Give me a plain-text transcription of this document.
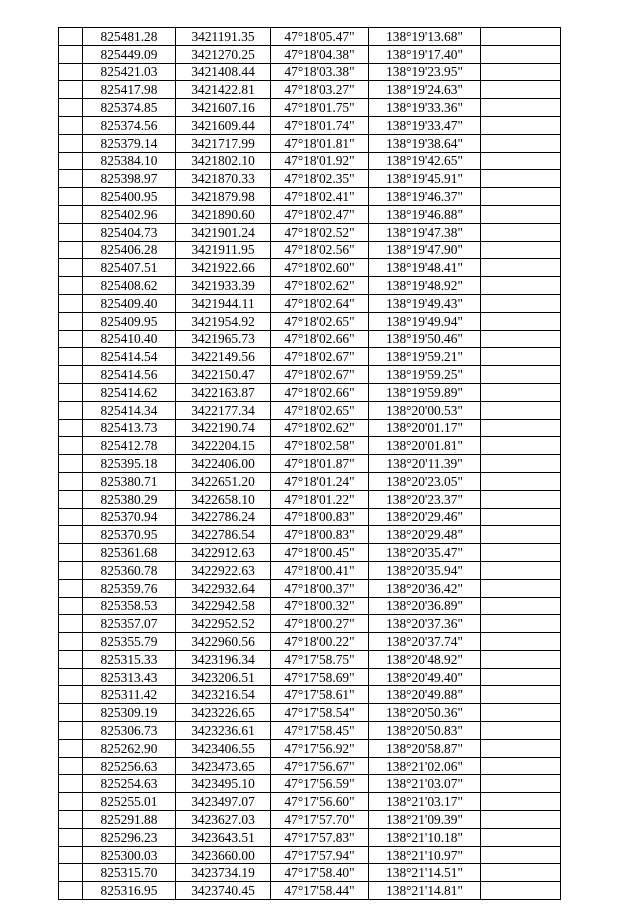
	825481.28	3421191.35	47°18'05.47"	138°19'13.68"	
	825449.09	3421270.25	47°18'04.38"	138°19'17.40"	
	825421.03	3421408.44	47°18'03.38"	138°19'23.95"	
	825417.98	3421422.81	47°18'03.27"	138°19'24.63"	
	825374.85	3421607.16	47°18'01.75"	138°19'33.36"	
	825374.56	3421609.44	47°18'01.74"	138°19'33.47"	
	825379.14	3421717.99	47°18'01.81"	138°19'38.64"	
	825384.10	3421802.10	47°18'01.92"	138°19'42.65"	
	825398.97	3421870.33	47°18'02.35"	138°19'45.91"	
	825400.95	3421879.98	47°18'02.41"	138°19'46.37"	
	825402.96	3421890.60	47°18'02.47"	138°19'46.88"	
	825404.73	3421901.24	47°18'02.52"	138°19'47.38"	
	825406.28	3421911.95	47°18'02.56"	138°19'47.90"	
	825407.51	3421922.66	47°18'02.60"	138°19'48.41"	
	825408.62	3421933.39	47°18'02.62"	138°19'48.92"	
	825409.40	3421944.11	47°18'02.64"	138°19'49.43"	
	825409.95	3421954.92	47°18'02.65"	138°19'49.94"	
	825410.40	3421965.73	47°18'02.66"	138°19'50.46"	
	825414.54	3422149.56	47°18'02.67"	138°19'59.21"	
	825414.56	3422150.47	47°18'02.67"	138°19'59.25"	
	825414.62	3422163.87	47°18'02.66"	138°19'59.89"	
	825414.34	3422177.34	47°18'02.65"	138°20'00.53"	
	825413.73	3422190.74	47°18'02.62"	138°20'01.17"	
	825412.78	3422204.15	47°18'02.58"	138°20'01.81"	
	825395.18	3422406.00	47°18'01.87"	138°20'11.39"	
	825380.71	3422651.20	47°18'01.24"	138°20'23.05"	
	825380.29	3422658.10	47°18'01.22"	138°20'23.37"	
	825370.94	3422786.24	47°18'00.83"	138°20'29.46"	
	825370.95	3422786.54	47°18'00.83"	138°20'29.48"	
	825361.68	3422912.63	47°18'00.45"	138°20'35.47"	
	825360.78	3422922.63	47°18'00.41"	138°20'35.94"	
	825359.76	3422932.64	47°18'00.37"	138°20'36.42"	
	825358.53	3422942.58	47°18'00.32"	138°20'36.89"	
	825357.07	3422952.52	47°18'00.27"	138°20'37.36"	
	825355.79	3422960.56	47°18'00.22"	138°20'37.74"	
	825315.33	3423196.34	47°17'58.75"	138°20'48.92"	
	825313.43	3423206.51	47°17'58.69"	138°20'49.40"	
	825311.42	3423216.54	47°17'58.61"	138°20'49.88"	
	825309.19	3423226.65	47°17'58.54"	138°20'50.36"	
	825306.73	3423236.61	47°17'58.45"	138°20'50.83"	
	825262.90	3423406.55	47°17'56.92"	138°20'58.87"	
	825256.63	3423473.65	47°17'56.67"	138°21'02.06"	
	825254.63	3423495.10	47°17'56.59"	138°21'03.07"	
	825255.01	3423497.07	47°17'56.60"	138°21'03.17"	
	825291.88	3423627.03	47°17'57.70"	138°21'09.39"	
	825296.23	3423643.51	47°17'57.83"	138°21'10.18"	
	825300.03	3423660.00	47°17'57.94"	138°21'10.97"	
	825315.70	3423734.19	47°17'58.40"	138°21'14.51"	
	825316.95	3423740.45	47°17'58.44"	138°21'14.81"	
